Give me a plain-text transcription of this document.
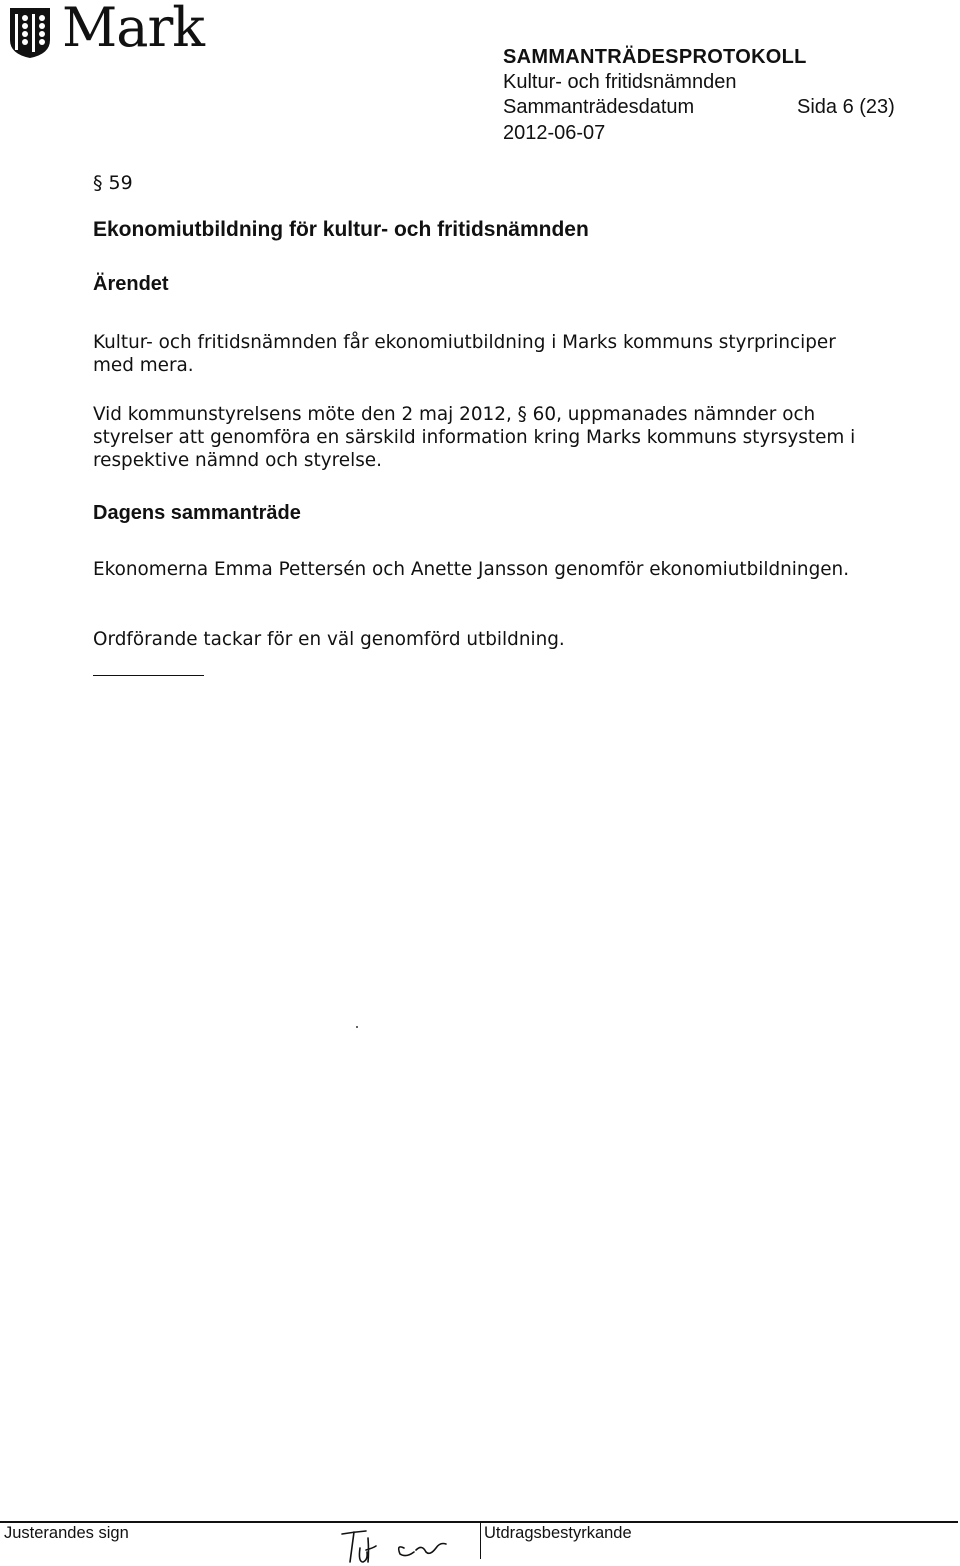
Mark	SAMMANTRÄDESPROTOKOLL
Kultur- och fritidsnämnden
Sammanträdesdatum	Sida 6 (23)
2012-06-07
§ 59
Ekonomiutbildning för kultur- och fritidsnämnden
Ärendet
Kultur- och fritidsnämnden får ekonomiutbildning i Marks kommuns styrprinciper med mera.
Vid kommunstyrelsens möte den 2 maj 2012, § 60, uppmanades nämnder och styrelser att genomföra en särskild information kring Marks kommuns styrsystem i respektive nämnd och styrelse.
Dagens sammanträde
Ekonomerna Emma Pettersén och Anette Jansson genomför ekonomiutbildningen.
Ordförande tackar för en väl genomförd utbildning.
Justerandes sign	Utdragsbestyrkande
